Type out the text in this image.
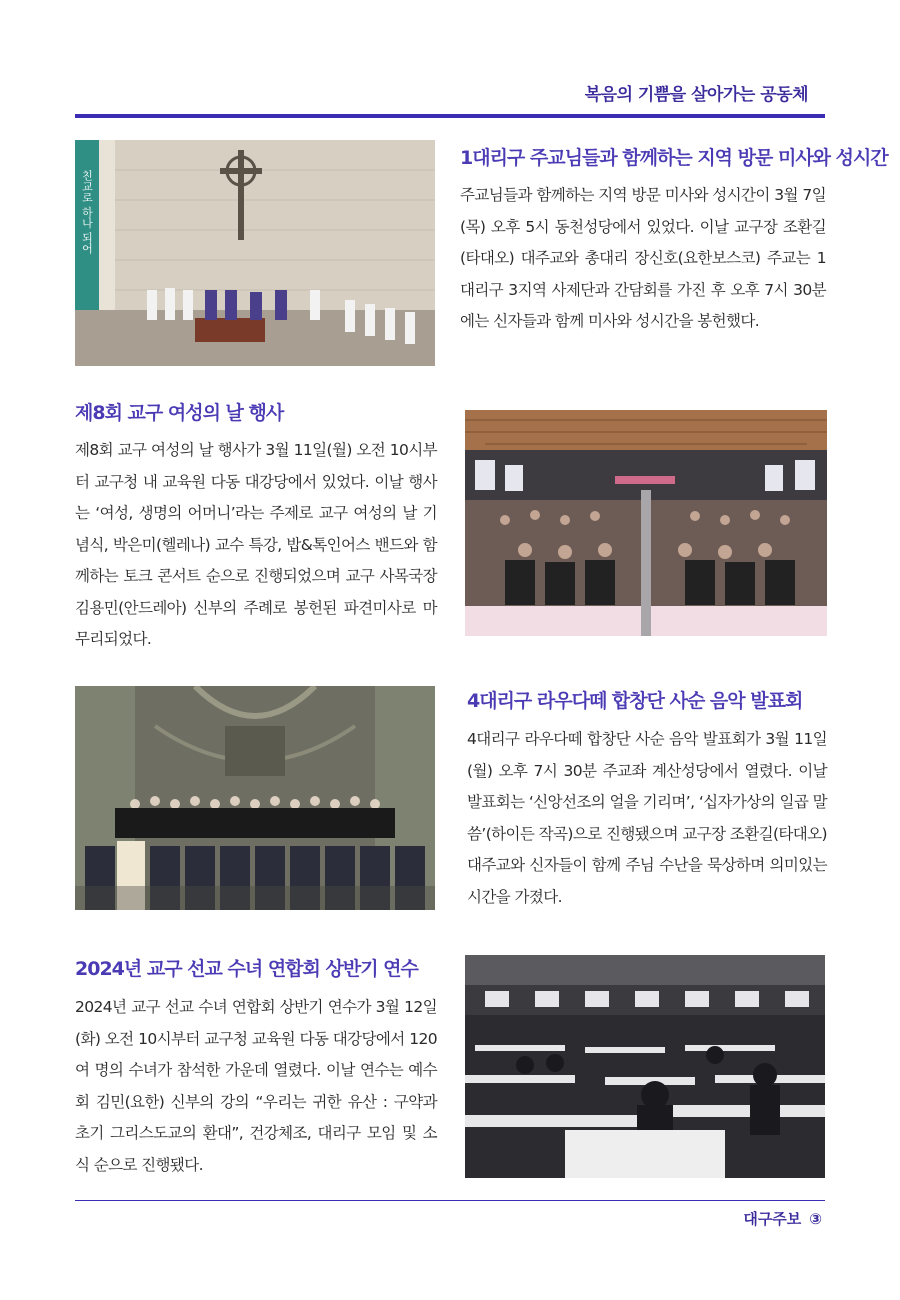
복음의 기쁨을 살아가는 공동체
친교로 하나 되어
1대리구 주교님들과 함께하는 지역 방문 미사와 성시간

주교님들과 함께하는 지역 방문 미사와 성시간이 3월 7일(목) 오후 5시 동천성당에서 있었다. 이날 교구장 조환길(타대오) 대주교와 총대리 장신호(요한보스코) 주교는 1대리구 3지역 사제단과 간담회를 가진 후 오후 7시 30분에는 신자들과 함께 미사와 성시간을 봉헌했다.

제8회 교구 여성의 날 행사

제8회 교구 여성의 날 행사가 3월 11일(월) 오전 10시부터 교구청 내 교육원 다동 대강당에서 있었다. 이날 행사는 ‘여성, 생명의 어머니’라는 주제로 교구 여성의 날 기념식, 박은미(헬레나) 교수 특강, 밥&톡인어스 밴드와 함께하는 토크 콘서트 순으로 진행되었으며 교구 사목국장 김용민(안드레아) 신부의 주례로 봉헌된 파견미사로 마무리되었다.

4대리구 라우다떼 합창단 사순 음악 발표회

4대리구 라우다떼 합창단 사순 음악 발표회가 3월 11일(월) 오후 7시 30분 주교좌 계산성당에서 열렸다. 이날 발표회는 ‘신앙선조의 얼을 기리며’, ‘십자가상의 일곱 말씀’(하이든 작곡)으로 진행됐으며 교구장 조환길(타대오) 대주교와 신자들이 함께 주님 수난을 묵상하며 의미있는 시간을 가졌다.

2024년 교구 선교 수녀 연합회 상반기 연수

2024년 교구 선교 수녀 연합회 상반기 연수가 3월 12일(화) 오전 10시부터 교구청 교육원 다동 대강당에서 120여 명의 수녀가 참석한 가운데 열렸다. 이날 연수는 예수회 김민(요한) 신부의 강의 “우리는 귀한 유산 : 구약과 초기 그리스도교의 환대”, 건강체조, 대리구 모임 및 소식 순으로 진행됐다.

대구주보 ③
